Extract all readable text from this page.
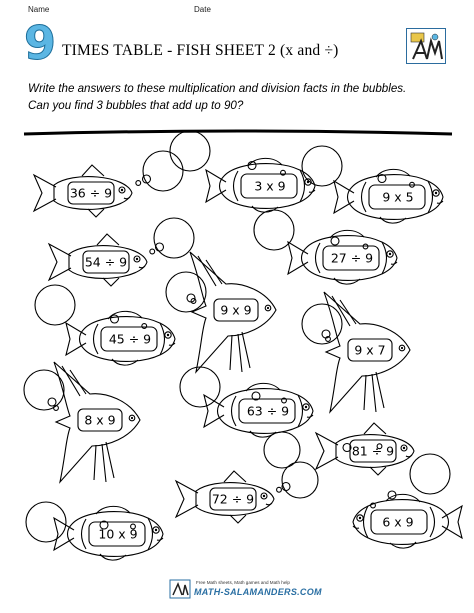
Name	Date
9 TIMES TABLE - FISH SHEET 2 (x and ÷)
Write the answers to these multiplication and division facts in the bubbles.
Can you find 3 bubbles that add up to 90?
36 ÷ 9	3 x 9
9 x 5
54 ÷ 9	27 ÷ 9
9 x 9
45 ÷ 9
9 x 7
8 x 9
63 ÷ 9
81 ÷ 9
72 ÷ 9
10 x 9
6 x 9
Free Math sheets, Math games and Math help
MATH-SALAMANDERS.COM
